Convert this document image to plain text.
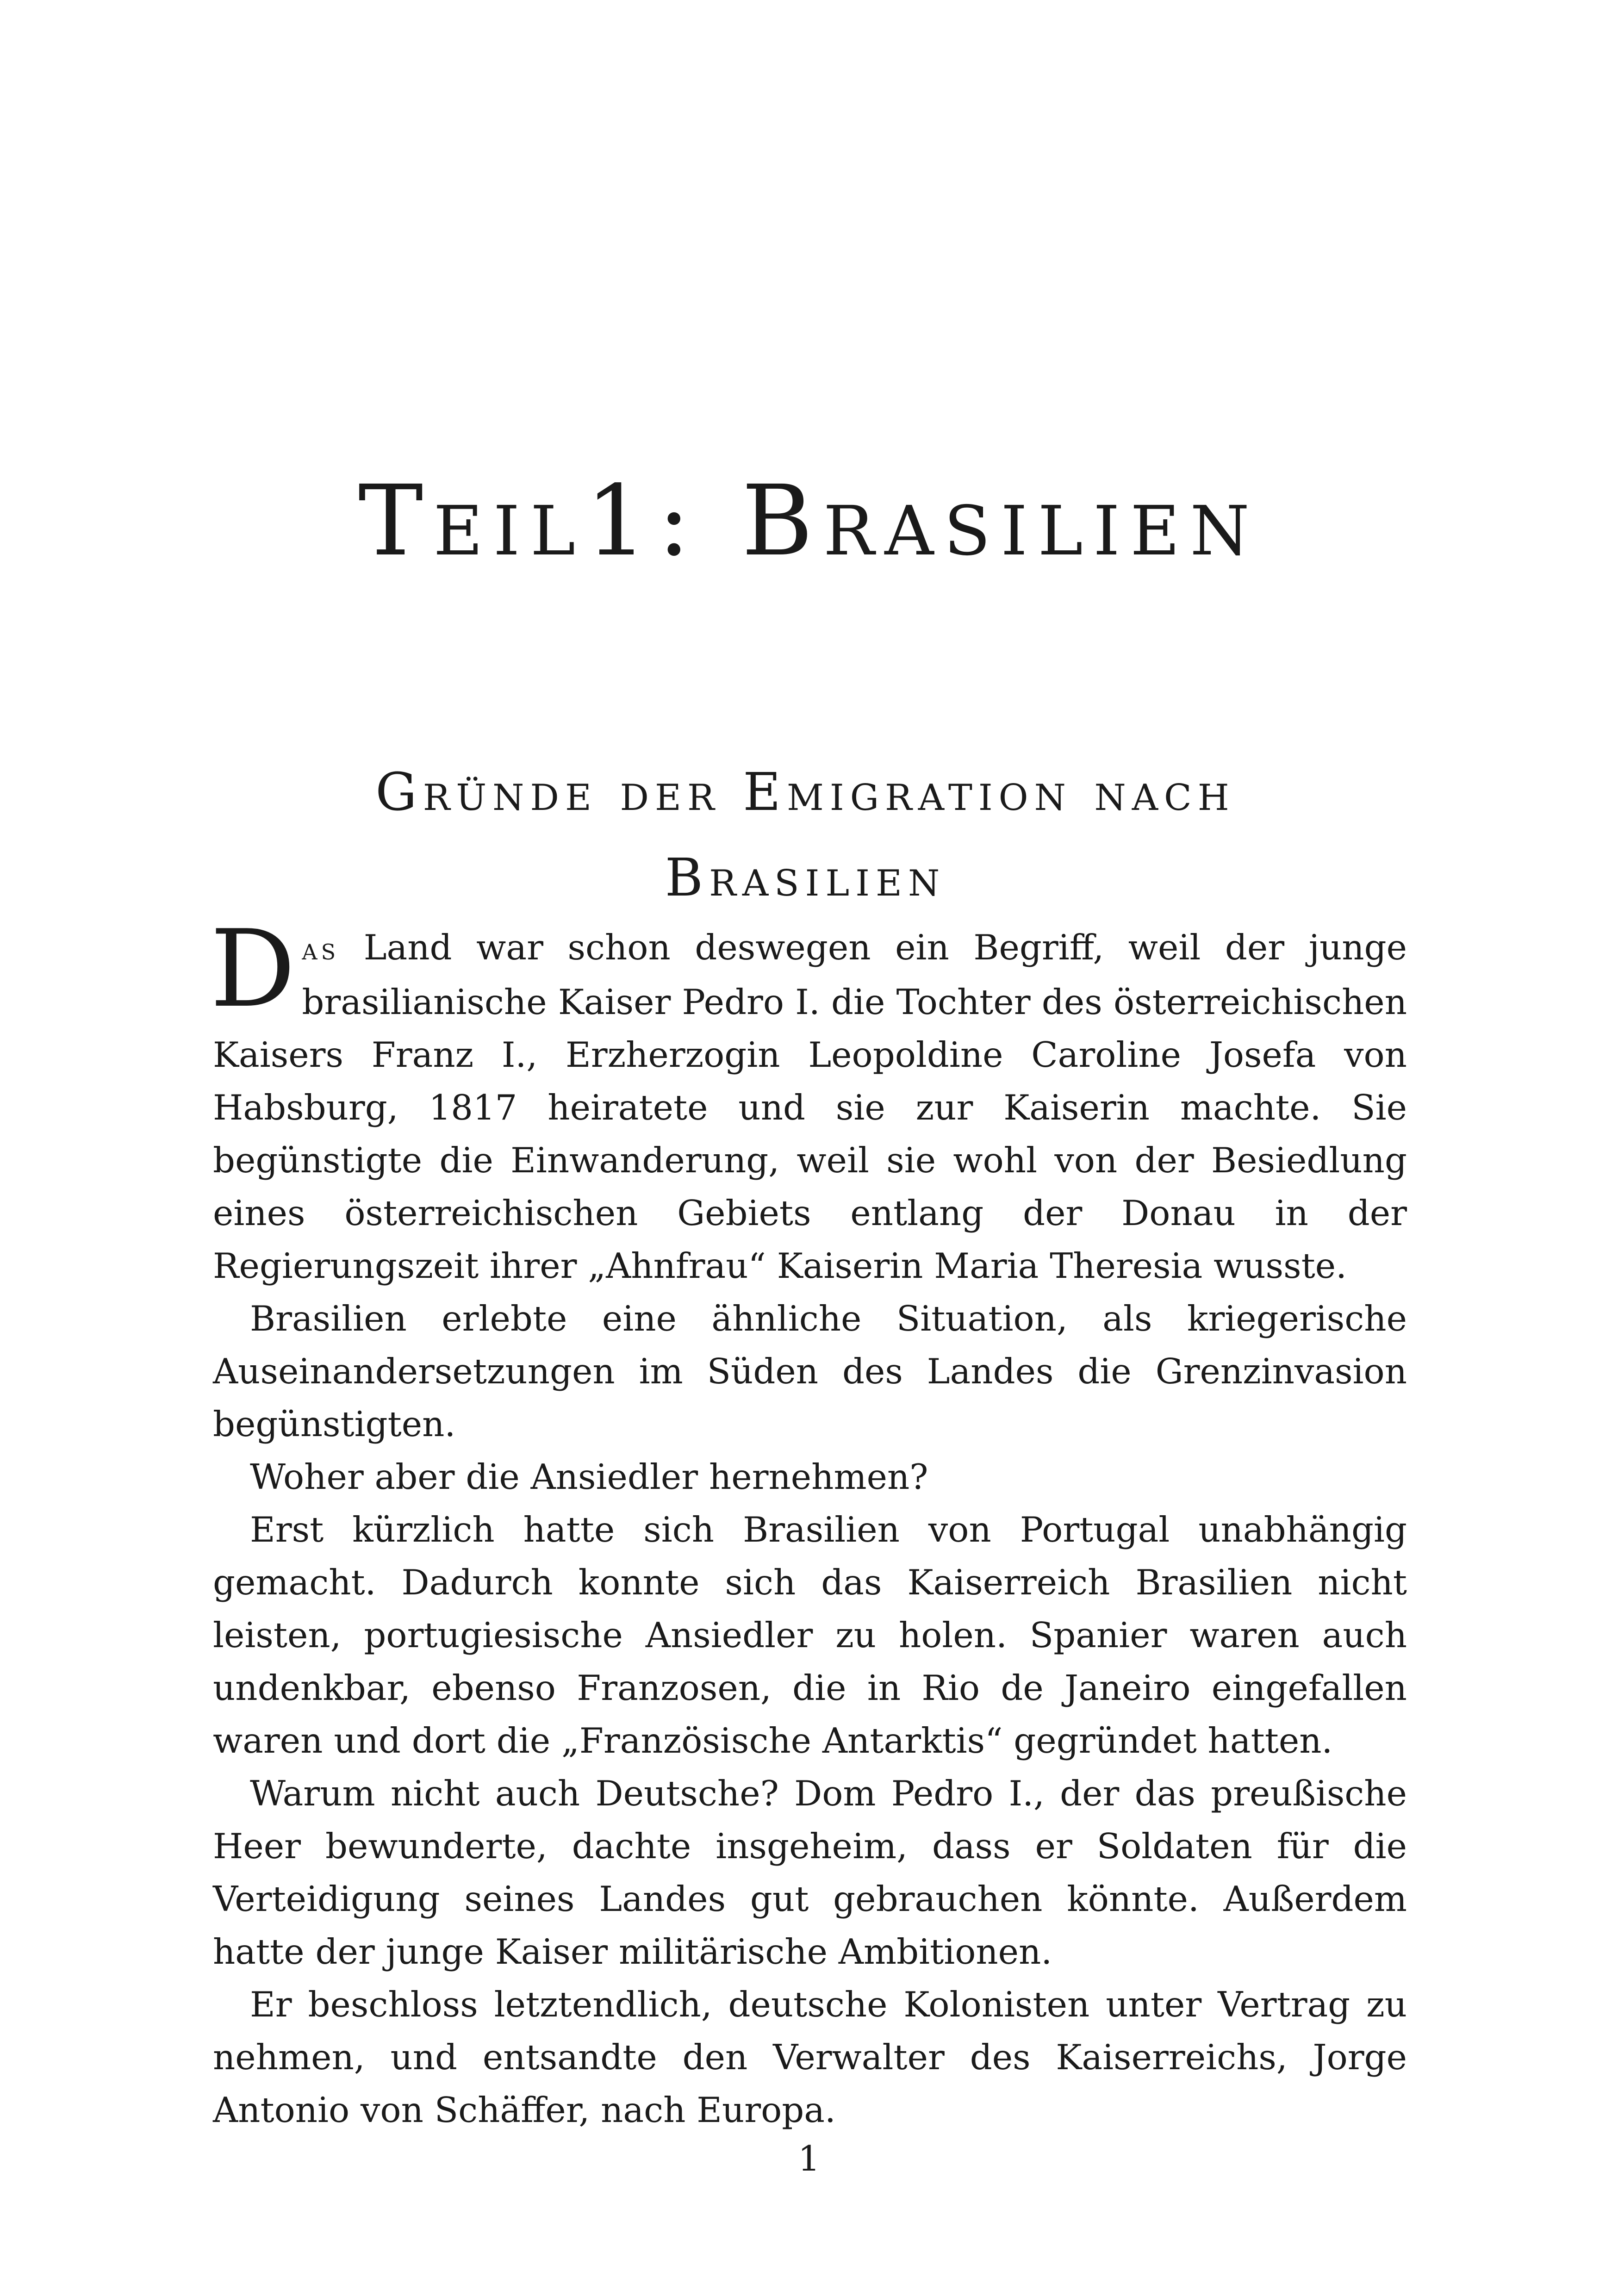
Teil1: Brasilien
Gründe der Emigration nach Brasilien

Das Land war schon deswegen ein Begriff, weil der junge brasilianische Kaiser Pedro I. die Tochter des österreichischen Kaisers Franz I., Erzherzogin Leopoldine Caroline Josefa von Habsburg, 1817 heiratete und sie zur Kaiserin machte. Sie begünstigte die Einwanderung, weil sie wohl von der Besiedlung eines österreichischen Gebiets entlang der Donau in der Regierungszeit ihrer „Ahnfrau“ Kaiserin Maria Theresia wusste.

Brasilien erlebte eine ähnliche Situation, als kriegerische Auseinandersetzungen im Süden des Landes die Grenzinvasion begünstigten.

Woher aber die Ansiedler hernehmen?

Erst kürzlich hatte sich Brasilien von Portugal unabhängig gemacht. Dadurch konnte sich das Kaiserreich Brasilien nicht leisten, portugiesische Ansiedler zu holen. Spanier waren auch undenkbar, ebenso Franzosen, die in Rio de Janeiro eingefallen waren und dort die „Französische Antarktis“ gegründet hatten.

Warum nicht auch Deutsche? Dom Pedro I., der das preußische Heer bewunderte, dachte insgeheim, dass er Soldaten für die Verteidigung seines Landes gut gebrauchen könnte. Außerdem hatte der junge Kaiser militärische Ambitionen.

Er beschloss letztendlich, deutsche Kolonisten unter Vertrag zu nehmen, und entsandte den Verwalter des Kaiserreichs, Jorge Antonio von Schäffer, nach Europa.

1
